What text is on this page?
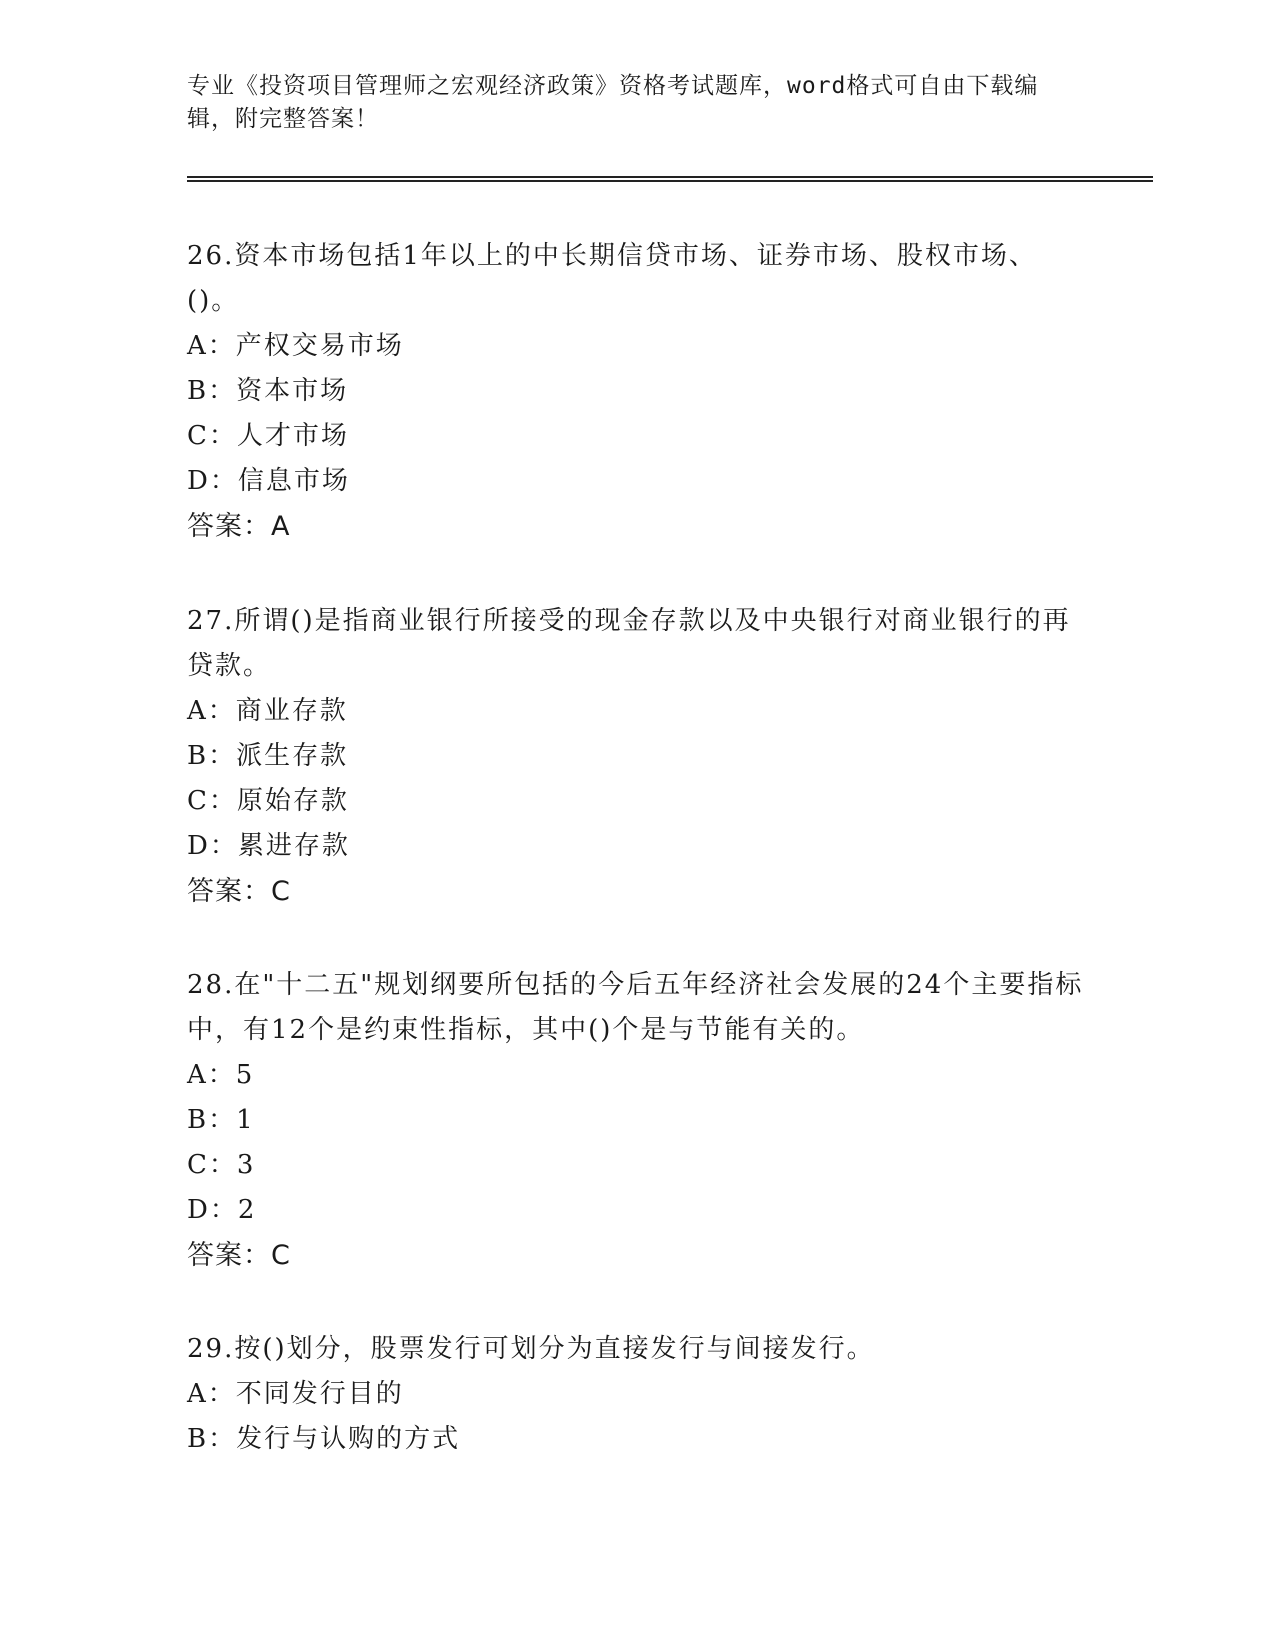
专业《投资项目管理师之宏观经济政策》资格考试题库，word格式可自由下载编辑，附完整答案！

26.资本市场包括1年以上的中长期信贷市场、证券市场、股权市场、()。

A：产权交易市场

B：资本市场

C：人才市场

D：信息市场

答案：A

27.所谓()是指商业银行所接受的现金存款以及中央银行对商业银行的再贷款。

A：商业存款

B：派生存款

C：原始存款

D：累进存款

答案：C

28.在"十二五"规划纲要所包括的今后五年经济社会发展的24个主要指标中，有12个是约束性指标，其中()个是与节能有关的。

A：5

B：1

C：3

D：2

答案：C

29.按()划分，股票发行可划分为直接发行与间接发行。

A：不同发行目的

B：发行与认购的方式
